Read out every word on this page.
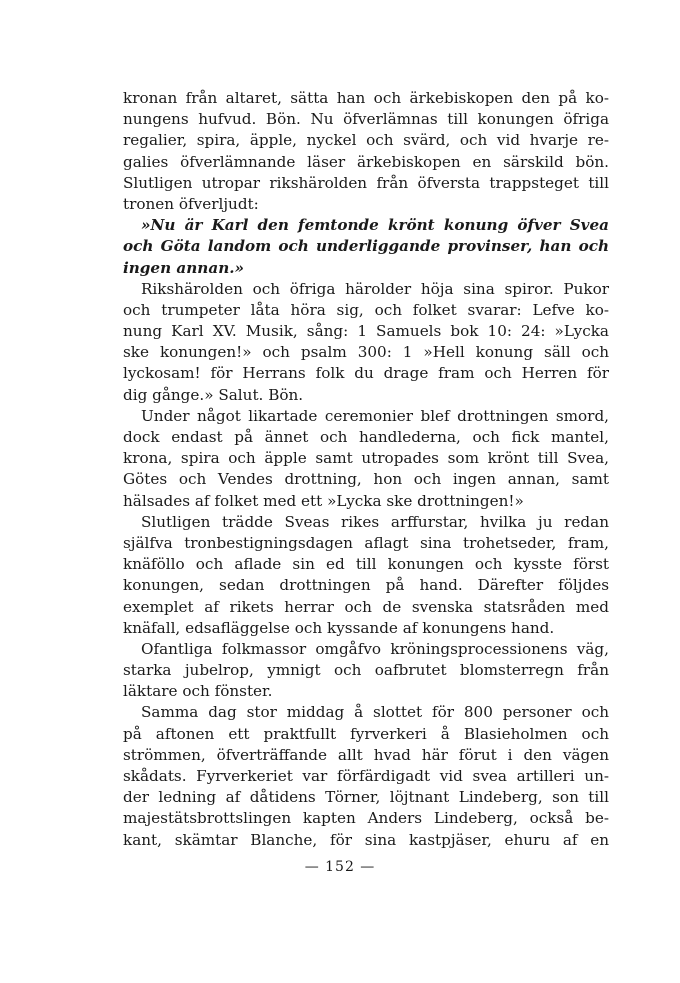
kronan från altaret, sätta han och ärkebiskopen den på ko-
nungens hufvud. Bön. Nu öfverlämnas till konungen öfriga
regalier, spira, äpple, nyckel och svärd, och vid hvarje re-
galies öfverlämnande läser ärkebiskopen en särskild bön.
Slutligen utropar rikshärolden från öfversta trappsteget till
tronen öfverljudt:
»Nu är Karl den femtonde krönt konung öfver Svea
och Göta landom och underliggande provinser, han och
ingen annan.»
Rikshärolden och öfriga härolder höja sina spiror. Pukor
och trumpeter låta höra sig, och folket svarar: Lefve ko-
nung Karl XV. Musik, sång: 1 Samuels bok 10: 24: »Lycka
ske konungen!» och psalm 300: 1 »Hell konung säll och
lyckosam! för Herrans folk du drage fram och Herren för
dig gånge.» Salut. Bön.
Under något likartade ceremonier blef drottningen smord,
dock endast på ännet och handlederna, och fick mantel,
krona, spira och äpple samt utropades som krönt till Svea,
Götes och Vendes drottning, hon och ingen annan, samt
hälsades af folket med ett »Lycka ske drottningen!»
Slutligen trädde Sveas rikes arffurstar, hvilka ju redan
själfva tronbestigningsdagen aflagt sina trohetseder, fram,
knäföllo och aflade sin ed till konungen och kysste först
konungen, sedan drottningen på hand. Därefter följdes
exemplet af rikets herrar och de svenska statsråden med
knäfall, edsafläggelse och kyssande af konungens hand.
Ofantliga folkmassor omgåfvo kröningsprocessionens väg,
starka jubelrop, ymnigt och oafbrutet blomsterregn från
läktare och fönster.
Samma dag stor middag å slottet för 800 personer och
på aftonen ett praktfullt fyrverkeri å Blasieholmen och
strömmen, öfverträffande allt hvad här förut i den vägen
skådats. Fyrverkeriet var förfärdigadt vid svea artilleri un-
der ledning af dåtidens Törner, löjtnant Lindeberg, son till
majestätsbrottslingen kapten Anders Lindeberg, också be-
kant, skämtar Blanche, för sina kastpjäser, ehuru af en
— 152 —
